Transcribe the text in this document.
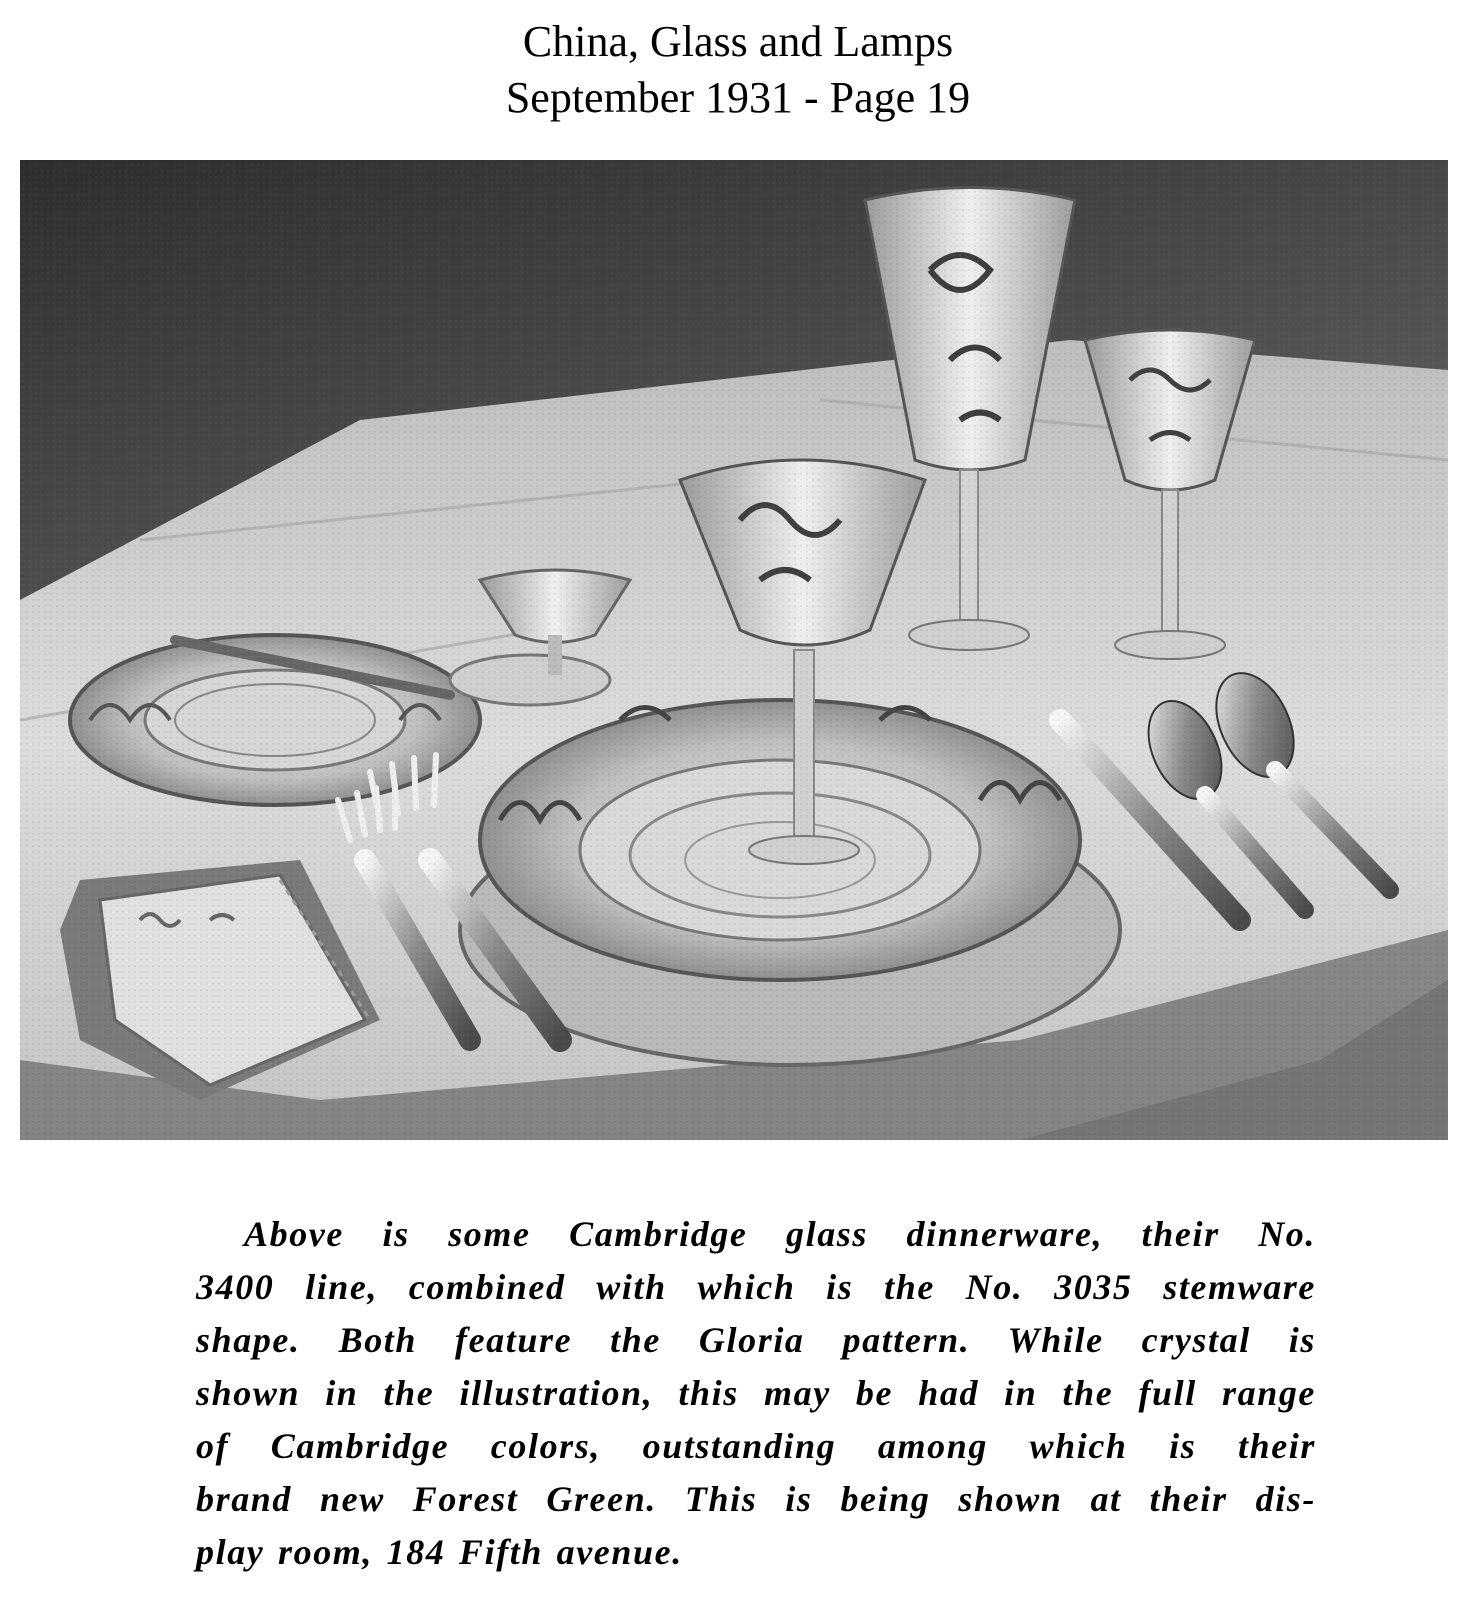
China, Glass and Lamps
September 1931 - Page 19
Above is some Cambridge glass dinnerware, their No.
3400 line, combined with which is the No. 3035 stemware
shape. Both feature the Gloria pattern. While crystal is
shown in the illustration, this may be had in the full range
of Cambridge colors, outstanding among which is their
brand new Forest Green. This is being shown at their dis-
play room, 184 Fifth avenue.
